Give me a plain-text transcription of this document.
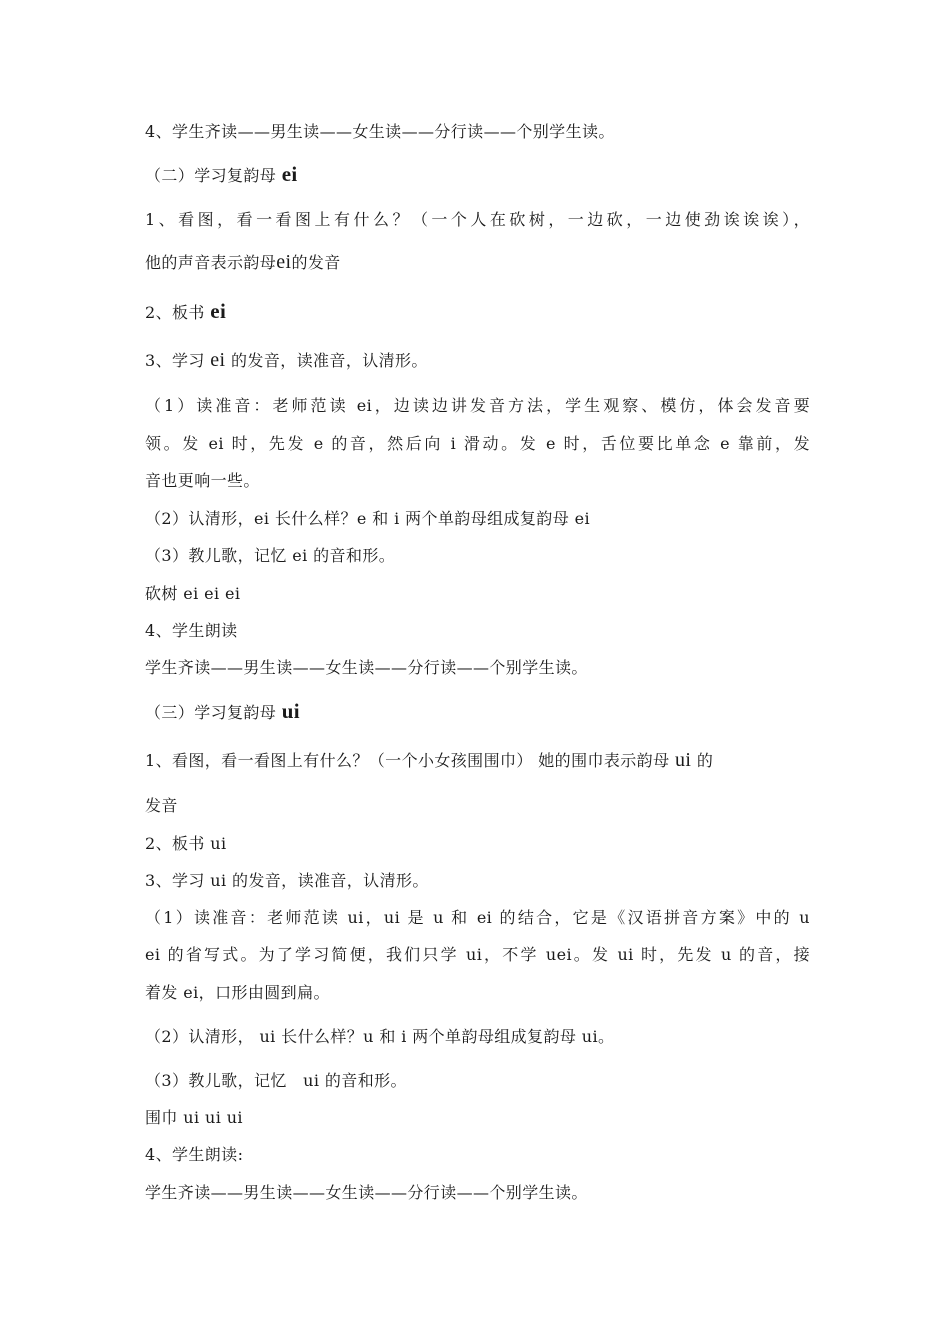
4、学生齐读——男生读——女生读——分行读——个别学生读。
（二）学习复韵母 ei
1、看图，看一看图上有什么？（一个人在砍树，一边砍，一边使劲诶诶诶），
他的声音表示韵母ei的发音
2、板书 ei
3、学习 ei 的发音，读准音，认清形。
（1）读准音：老师范读 ei，边读边讲发音方法，学生观察、模仿，体会发音要
领。发 ei 时，先发 e 的音，然后向 i 滑动。发 e 时，舌位要比单念 e 靠前，发
音也更响一些。
（2）认清形，ei 长什么样？e 和 i 两个单韵母组成复韵母 ei
（3）教儿歌，记忆 ei 的音和形。
砍树 ei ei ei
4、学生朗读
学生齐读——男生读——女生读——分行读——个别学生读。
（三）学习复韵母 ui
1、看图，看一看图上有什么？（一个小女孩围围巾） 她的围巾表示韵母 ui 的
发音
2、板书 ui
3、学习 ui 的发音，读准音，认清形。
（1）读准音：老师范读 ui，ui 是 u 和 ei 的结合，它是《汉语拼音方案》中的 u
ei 的省写式。为了学习简便，我们只学 ui，不学 uei。发 ui 时，先发 u 的音，接
着发 ei，口形由圆到扁。
（2）认清形， ui 长什么样？u 和 i 两个单韵母组成复韵母 ui。
（3）教儿歌，记忆　ui 的音和形。
围巾 ui ui ui
4、学生朗读:
学生齐读——男生读——女生读——分行读——个别学生读。
